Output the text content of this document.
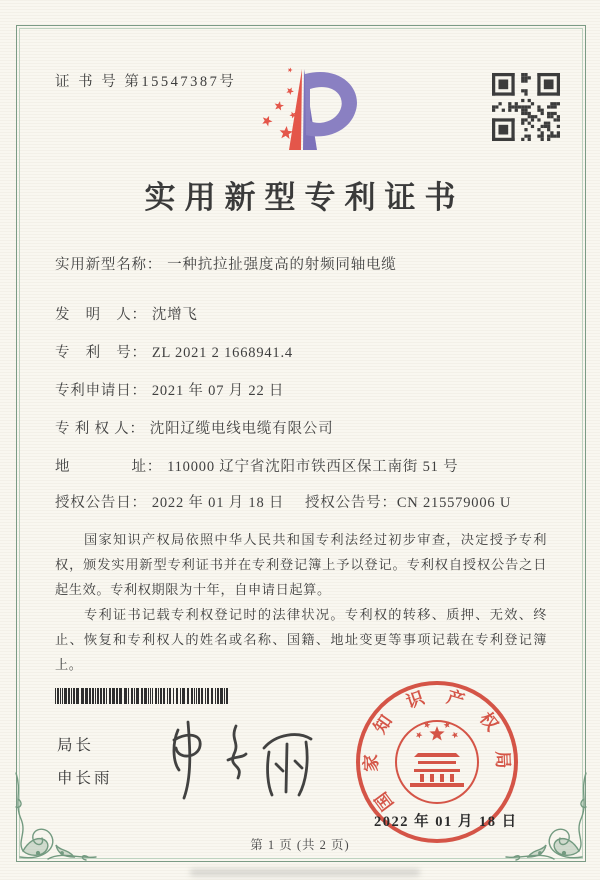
证 书 号 第15547387号
实用新型专利证书
实用新型名称： 一种抗拉扯强度高的射频同轴电缆
发　明　人： 沈增飞
专　利　号： ZL 2021 2 1668941.4
专利申请日： 2021 年 07 月 22 日
专 利 权 人： 沈阳辽缆电线电缆有限公司
地　　　　址： 110000 辽宁省沈阳市铁西区保工南街 51 号
授权公告日： 2022 年 01 月 18 日 授权公告号：CN 215579006 U

国家知识产权局依照中华人民共和国专利法经过初步审查，决定授予专利权，颁发实用新型专利证书并在专利登记簿上予以登记。专利权自授权公告之日起生效。专利权期限为十年，自申请日起算。

专利证书记载专利权登记时的法律状况。专利权的转移、质押、无效、终止、恢复和专利权人的姓名或名称、国籍、地址变更等事项记载在专利登记簿上。

局长
申长雨
国家知识产权局
2022 年 01 月 18 日
第 1 页 (共 2 页)
